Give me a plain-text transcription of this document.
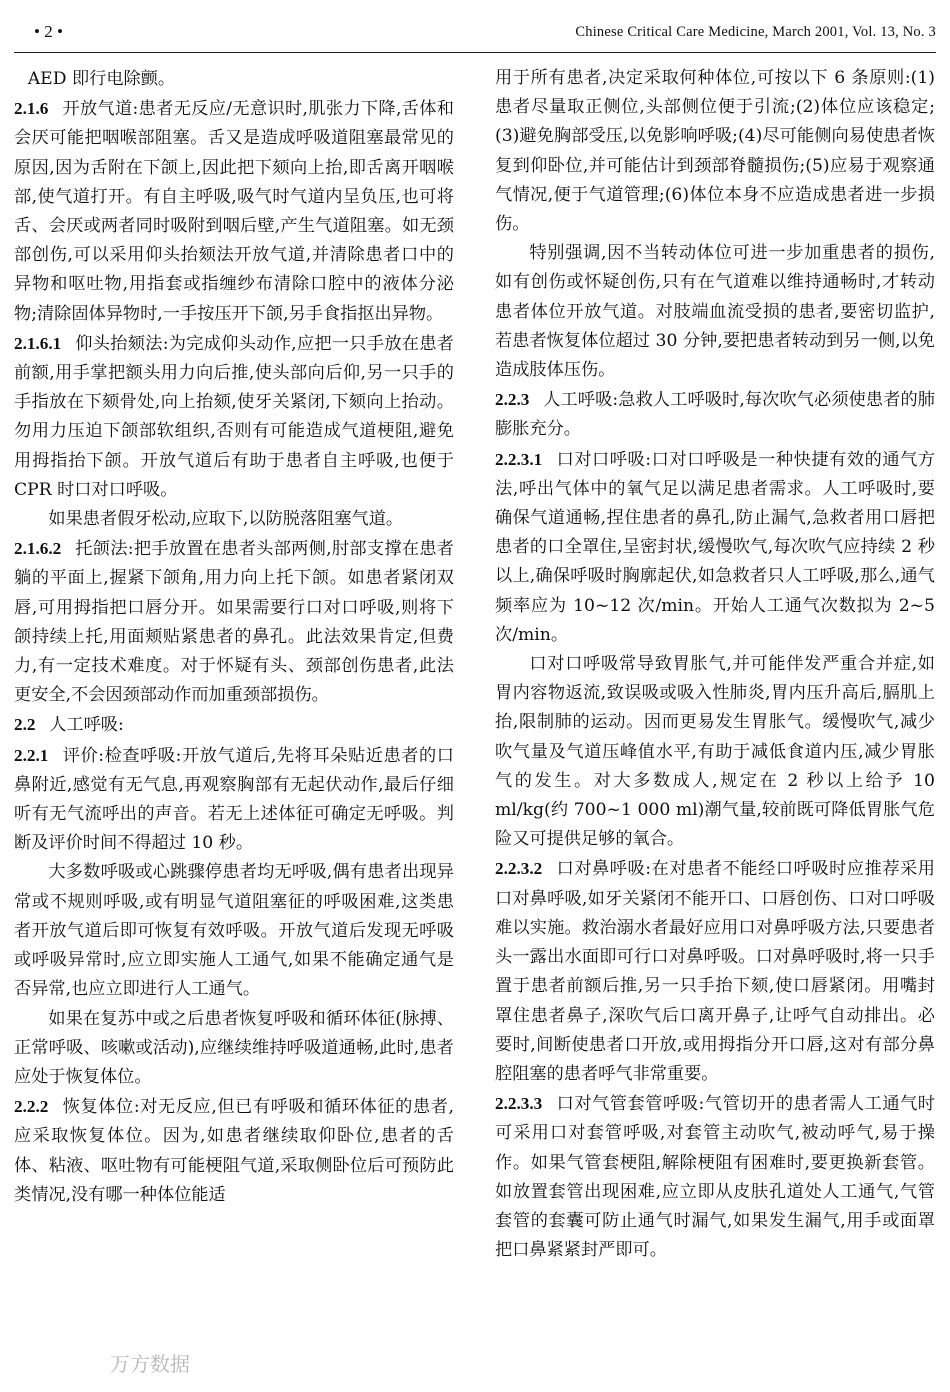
• 2 •	Chinese Critical Care Medicine, March 2001, Vol. 13, No. 3

AED 即行电除颤。

2.1.6 开放气道:患者无反应/无意识时,肌张力下降,舌体和会厌可能把咽喉部阻塞。舌又是造成呼吸道阻塞最常见的原因,因为舌附在下颌上,因此把下颏向上抬,即舌离开咽喉部,使气道打开。有自主呼吸,吸气时气道内呈负压,也可将舌、会厌或两者同时吸附到咽后壁,产生气道阻塞。如无颈部创伤,可以采用仰头抬颏法开放气道,并清除患者口中的异物和呕吐物,用指套或指缠纱布清除口腔中的液体分泌物;清除固体异物时,一手按压开下颌,另手食指抠出异物。

2.1.6.1 仰头抬颏法:为完成仰头动作,应把一只手放在患者前额,用手掌把额头用力向后推,使头部向后仰,另一只手的手指放在下颏骨处,向上抬颏,使牙关紧闭,下颏向上抬动。勿用力压迫下颌部软组织,否则有可能造成气道梗阻,避免用拇指抬下颌。开放气道后有助于患者自主呼吸,也便于 CPR 时口对口呼吸。

如果患者假牙松动,应取下,以防脱落阻塞气道。

2.1.6.2 托颌法:把手放置在患者头部两侧,肘部支撑在患者躺的平面上,握紧下颌角,用力向上托下颌。如患者紧闭双唇,可用拇指把口唇分开。如果需要行口对口呼吸,则将下颌持续上托,用面颊贴紧患者的鼻孔。此法效果肯定,但费力,有一定技术难度。对于怀疑有头、颈部创伤患者,此法更安全,不会因颈部动作而加重颈部损伤。

2.2 人工呼吸:

2.2.1 评价:检查呼吸:开放气道后,先将耳朵贴近患者的口鼻附近,感觉有无气息,再观察胸部有无起伏动作,最后仔细听有无气流呼出的声音。若无上述体征可确定无呼吸。判断及评价时间不得超过 10 秒。

大多数呼吸或心跳骤停患者均无呼吸,偶有患者出现异常或不规则呼吸,或有明显气道阻塞征的呼吸困难,这类患者开放气道后即可恢复有效呼吸。开放气道后发现无呼吸或呼吸异常时,应立即实施人工通气,如果不能确定通气是否异常,也应立即进行人工通气。

如果在复苏中或之后患者恢复呼吸和循环体征(脉搏、正常呼吸、咳嗽或活动),应继续维持呼吸道通畅,此时,患者应处于恢复体位。

2.2.2 恢复体位:对无反应,但已有呼吸和循环体征的患者,应采取恢复体位。因为,如患者继续取仰卧位,患者的舌体、粘液、呕吐物有可能梗阻气道,采取侧卧位后可预防此类情况,没有哪一种体位能适

用于所有患者,决定采取何种体位,可按以下 6 条原则:(1)患者尽量取正侧位,头部侧位便于引流;(2)体位应该稳定;(3)避免胸部受压,以免影响呼吸;(4)尽可能侧向易使患者恢复到仰卧位,并可能估计到颈部脊髓损伤;(5)应易于观察通气情况,便于气道管理;(6)体位本身不应造成患者进一步损伤。

特别强调,因不当转动体位可进一步加重患者的损伤,如有创伤或怀疑创伤,只有在气道难以维持通畅时,才转动患者体位开放气道。对肢端血流受损的患者,要密切监护,若患者恢复体位超过 30 分钟,要把患者转动到另一侧,以免造成肢体压伤。

2.2.3 人工呼吸:急救人工呼吸时,每次吹气必须使患者的肺膨胀充分。

2.2.3.1 口对口呼吸:口对口呼吸是一种快捷有效的通气方法,呼出气体中的氧气足以满足患者需求。人工呼吸时,要确保气道通畅,捏住患者的鼻孔,防止漏气,急救者用口唇把患者的口全罩住,呈密封状,缓慢吹气,每次吹气应持续 2 秒以上,确保呼吸时胸廓起伏,如急救者只人工呼吸,那么,通气频率应为 10~12 次/min。开始人工通气次数拟为 2~5 次/min。

口对口呼吸常导致胃胀气,并可能伴发严重合并症,如胃内容物返流,致误吸或吸入性肺炎,胃内压升高后,膈肌上抬,限制肺的运动。因而更易发生胃胀气。缓慢吹气,减少吹气量及气道压峰值水平,有助于减低食道内压,减少胃胀气的发生。对大多数成人,规定在 2 秒以上给予 10 ml/kg(约 700~1 000 ml)潮气量,较前既可降低胃胀气危险又可提供足够的氧合。

2.2.3.2 口对鼻呼吸:在对患者不能经口呼吸时应推荐采用口对鼻呼吸,如牙关紧闭不能开口、口唇创伤、口对口呼吸难以实施。救治溺水者最好应用口对鼻呼吸方法,只要患者头一露出水面即可行口对鼻呼吸。口对鼻呼吸时,将一只手置于患者前额后推,另一只手抬下颏,使口唇紧闭。用嘴封罩住患者鼻子,深吹气后口离开鼻子,让呼气自动排出。必要时,间断使患者口开放,或用拇指分开口唇,这对有部分鼻腔阻塞的患者呼气非常重要。

2.2.3.3 口对气管套管呼吸:气管切开的患者需人工通气时可采用口对套管呼吸,对套管主动吹气,被动呼气,易于操作。如果气管套梗阻,解除梗阻有困难时,要更换新套管。如放置套管出现困难,应立即从皮肤孔道处人工通气,气管套管的套囊可防止通气时漏气,如果发生漏气,用手或面罩把口鼻紧紧封严即可。

万方数据
